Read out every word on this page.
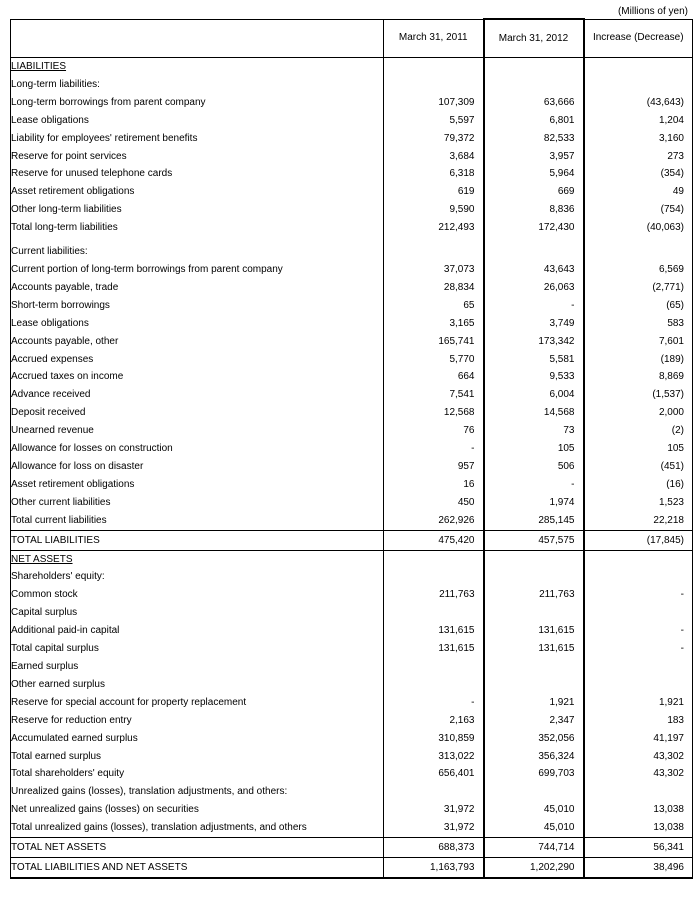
(Millions of yen)
	March 31, 2011	March 31, 2012	Increase (Decrease)
LIABILITIES			
Long-term liabilities:			
Long-term borrowings from parent company	107,309	63,666	(43,643)
Lease obligations	5,597	6,801	1,204
Liability for employees' retirement benefits	79,372	82,533	3,160
Reserve for point services	3,684	3,957	273
Reserve for unused telephone cards	6,318	5,964	(354)
Asset retirement obligations	619	669	49
Other long-term liabilities	9,590	8,836	(754)
Total long-term liabilities	212,493	172,430	(40,063)

Current liabilities:			
Current portion of long-term borrowings from parent company	37,073	43,643	6,569
Accounts payable, trade	28,834	26,063	(2,771)
Short-term borrowings	65	-	(65)
Lease obligations	3,165	3,749	583
Accounts payable, other	165,741	173,342	7,601
Accrued expenses	5,770	5,581	(189)
Accrued taxes on income	664	9,533	8,869
Advance received	7,541	6,004	(1,537)
Deposit received	12,568	14,568	2,000
Unearned revenue	76	73	(2)
Allowance for losses on construction	-	105	105
Allowance for loss on disaster	957	506	(451)
Asset retirement obligations	16	-	(16)
Other current liabilities	450	1,974	1,523
Total current liabilities	262,926	285,145	22,218
TOTAL LIABILITIES	475,420	457,575	(17,845)
NET ASSETS			
Shareholders' equity:			
Common stock	211,763	211,763	-
Capital surplus			
Additional paid-in capital	131,615	131,615	-
Total capital surplus	131,615	131,615	-
Earned surplus			
Other earned surplus			
Reserve for special account for property replacement	-	1,921	1,921
Reserve for reduction entry	2,163	2,347	183
Accumulated earned surplus	310,859	352,056	41,197
Total earned surplus	313,022	356,324	43,302
Total shareholders' equity	656,401	699,703	43,302
Unrealized gains (losses), translation adjustments, and others:			
Net unrealized gains (losses) on securities	31,972	45,010	13,038
Total unrealized gains (losses), translation adjustments, and others	31,972	45,010	13,038
TOTAL NET ASSETS	688,373	744,714	56,341
TOTAL LIABILITIES AND NET ASSETS	1,163,793	1,202,290	38,496
